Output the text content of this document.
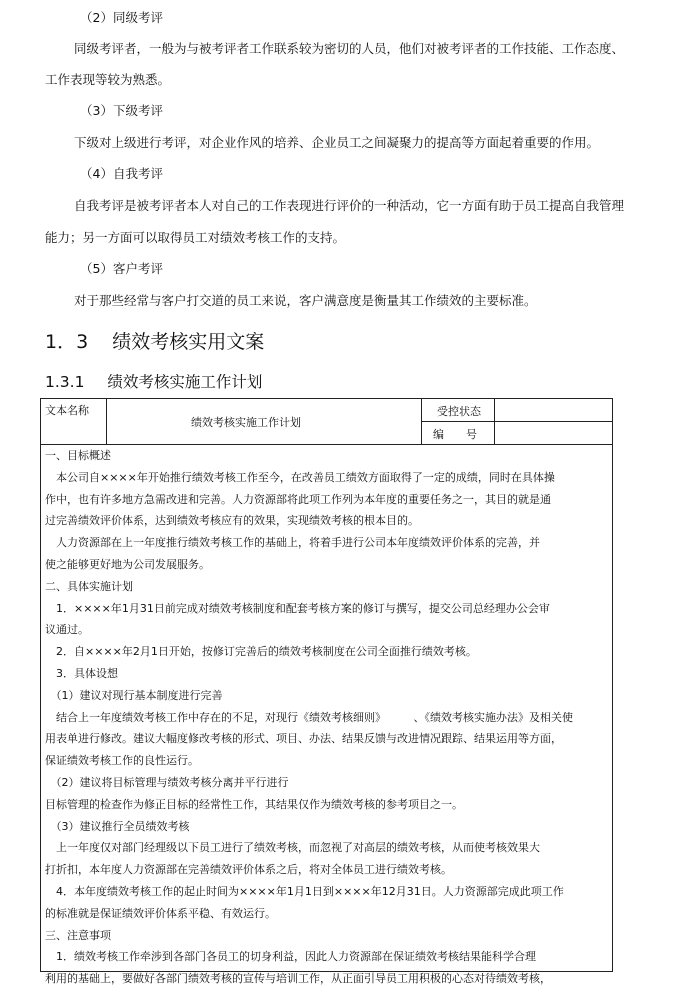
（2）同级考评
同级考评者，一般为与被考评者工作联系较为密切的人员，他们对被考评者的工作技能、工作态度、
工作表现等较为熟悉。
（3）下级考评
下级对上级进行考评，对企业作风的培养、企业员工之间凝聚力的提高等方面起着重要的作用。
（4）自我考评
自我考评是被考评者本人对自己的工作表现进行评价的一种活动，它一方面有助于员工提高自我管理
能力；另一方面可以取得员工对绩效考核工作的支持。
（5）客户考评
对于那些经常与客户打交道的员工来说，客户满意度是衡量其工作绩效的主要标准。
1．3 绩效考核实用文案
1.3.1 绩效考核实施工作计划
文本名称
绩效考核实施工作计划
受控状态
编　　号
一、目标概述
　本公司自××××年开始推行绩效考核工作至今，在改善员工绩效方面取得了一定的成绩，同时在具体操
作中，也有许多地方急需改进和完善。人力资源部将此项工作列为本年度的重要任务之一，其目的就是通
过完善绩效评价体系，达到绩效考核应有的效果，实现绩效考核的根本目的。
　人力资源部在上一年度推行绩效考核工作的基础上，将着手进行公司本年度绩效评价体系的完善，并
使之能够更好地为公司发展服务。
二、具体实施计划
　1．××××年1月31日前完成对绩效考核制度和配套考核方案的修订与撰写，提交公司总经理办公会审
议通过。
　2．自××××年2月1日开始，按修订完善后的绩效考核制度在公司全面推行绩效考核。
　3．具体设想
　（1）建议对现行基本制度进行完善
　结合上一年度绩效考核工作中存在的不足，对现行《绩效考核细则》　　　、《绩效考核实施办法》及相关使
用表单进行修改。建议大幅度修改考核的形式、项目、办法、结果反馈与改进情况跟踪、结果运用等方面，
保证绩效考核工作的良性运行。
　（2）建议将目标管理与绩效考核分离并平行进行
目标管理的检查作为修正目标的经常性工作，其结果仅作为绩效考核的参考项目之一。
　（3）建议推行全员绩效考核
　上一年度仅对部门经理级以下员工进行了绩效考核，而忽视了对高层的绩效考核，从而使考核效果大
打折扣，本年度人力资源部在完善绩效评价体系之后，将对全体员工进行绩效考核。
　4．本年度绩效考核工作的起止时间为××××年1月1日到××××年12月31日。人力资源部完成此项工作
的标准就是保证绩效评价体系平稳、有效运行。
三、注意事项
　1．绩效考核工作牵涉到各部门各员工的切身利益，因此人力资源部在保证绩效考核结果能科学合理
利用的基础上，要做好各部门绩效考核的宣传与培训工作，从正面引导员工用积极的心态对待绩效考核，
